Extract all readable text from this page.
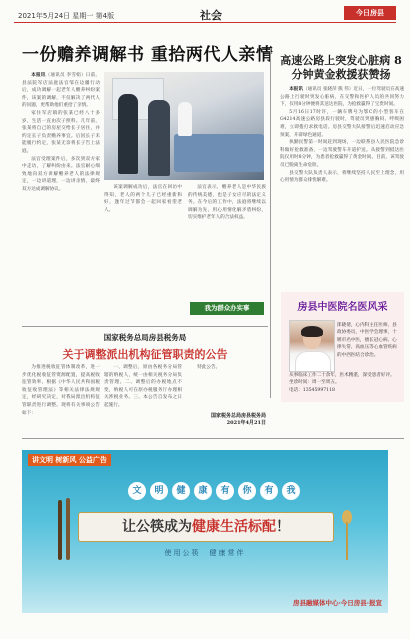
2021年5月24日 星期一 第4版	社会	今日房县
一份赡养调解书 重拾两代人亲情

本报讯（通讯员 李雪娟）日前，县法院军店法庭法官邹在边疆行动后，成功调解一起老年人赡养纠纷案件，该案的调解，不仅解决了两代人的问题，更帮助他们重拾了亲情。

家住军店镇的张某已经八十多岁，生活一直由次子照料。几年前，张某将自己的房屋交给长子居住，并约定长子负责赡养事宜。后因长子未能履行约定，张某无奈将长子告上法庭。

法官受理案件后，多次到双方家中走访，了解纠纷由来。法官耐心细致地向双方讲解赡养老人的法律规定，一边讲道理，一边讲亲情，最终双方达成调解协议。	该案调解成功后，法官在回访中得知，老人的两个儿子已经重新和好，逢年过节都会一起回家看望老人。

法官表示，赡养老人是中华民族的传统美德，也是子女应尽的法定义务。在今后的工作中，法庭将继续以调解为先，用心用情化解矛盾纠纷，切实维护老年人的合法权益。

我为群众办实事
高速公路上突发心脏病 8分钟黄金救援获赞扬

本报讯（通讯员 张晓萍 熊 伟）近日，一位驾驶员在高速公路上行驶时突发心脏病，在交警和医护人员的共同努力下，仅用8分钟便将其送达医院，为抢救赢得了宝贵时间。

5月16日17时许，一辆车牌号为鄂C的小型客车在G4214高速公路房县段行驶时，驾驶员突感胸闷、呼吸困难，立即拨打求救电话。房县交警大队接警后迅速启动应急预案，开辟绿色通道。

执勤民警第一时间赶到现场，一边联系县人民医院急诊科做好抢救准备，一边驾驶警车开道护送。从接警到抵达医院仅用时8分钟，为患者抢救赢得了黄金时间。目前，该驾驶员已脱离生命危险。

县交警大队负责人表示，将继续坚持人民至上理念，用心用情为群众排忧解难。

国家税务总局房县税务局
关于调整派出机构征管职责的公告

为推进税收征管体制改革，进一步优化税收征管资源配置，提高税收征管效率，根据《中华人民共和国税收征收管理法》等相关法律法规规定，经研究决定，对我局派出机构征管职责进行调整。现将有关事项公告如下：

一、调整后，原由各税务分局管辖的纳税人，统一由相关税务分局负责管理。二、调整后的办税地点不变，纳税人可在原办税服务厅办理相关涉税业务。三、本公告自发布之日起施行。

特此公告。

国家税务总局房县税务局
2021年4月21日
房县中医院名医风采
郎晓倩，心内科主任医师，县政协委员，中医学会理事，十堰市名中医，擅长冠心病、心律失常、高血压等心血管疾病的中西医结合诊治。
从事临床工作二十余年，医术精湛，深受患者好评。坐诊时间：周一至周五。
电话：13545997118
讲文明 树新风 公益广告
文	明	健	康	有	你	有	我
让公筷成为健康生活标配！
使用公筷　健康常伴
房县融媒体中心·今日房县·报宣
